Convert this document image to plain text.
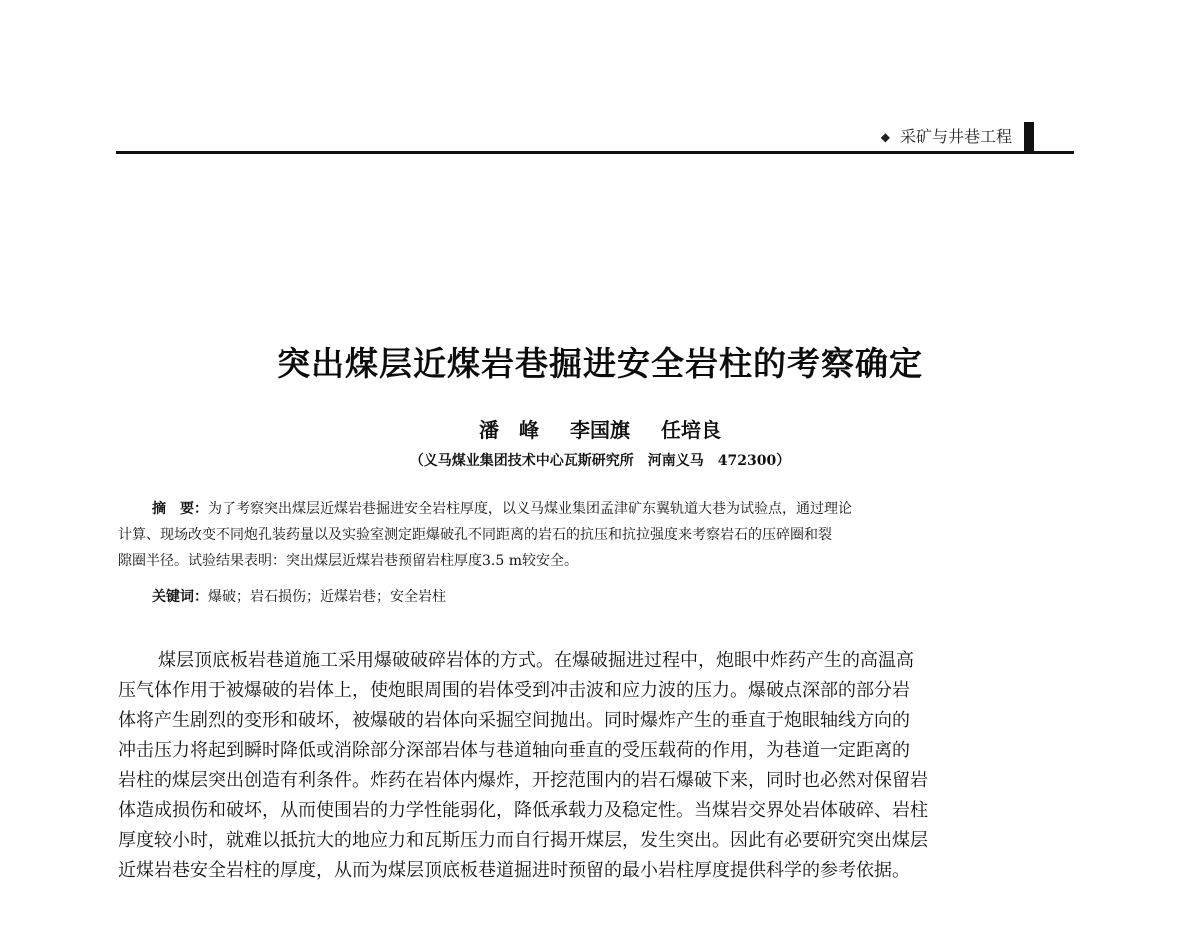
◆ 采矿与井巷工程
突出煤层近煤岩巷掘进安全岩柱的考察确定
潘　峰 李国旗 任培良
（义马煤业集团技术中心瓦斯研究所　河南义马　472300）
摘　要：为了考察突出煤层近煤岩巷掘进安全岩柱厚度，以义马煤业集团孟津矿东翼轨道大巷为试验点，通过理论
计算、现场改变不同炮孔装药量以及实验室测定距爆破孔不同距离的岩石的抗压和抗拉强度来考察岩石的压碎圈和裂
隙圈半径。试验结果表明：突出煤层近煤岩巷预留岩柱厚度3.5 m较安全。
关键词：爆破；岩石损伤；近煤岩巷；安全岩柱
煤层顶底板岩巷道施工采用爆破破碎岩体的方式。在爆破掘进过程中，炮眼中炸药产生的高温高
压气体作用于被爆破的岩体上，使炮眼周围的岩体受到冲击波和应力波的压力。爆破点深部的部分岩
体将产生剧烈的变形和破坏，被爆破的岩体向采掘空间抛出。同时爆炸产生的垂直于炮眼轴线方向的
冲击压力将起到瞬时降低或消除部分深部岩体与巷道轴向垂直的受压载荷的作用，为巷道一定距离的
岩柱的煤层突出创造有利条件。炸药在岩体内爆炸，开挖范围内的岩石爆破下来，同时也必然对保留岩
体造成损伤和破坏，从而使围岩的力学性能弱化，降低承载力及稳定性。当煤岩交界处岩体破碎、岩柱
厚度较小时，就难以抵抗大的地应力和瓦斯压力而自行揭开煤层，发生突出。因此有必要研究突出煤层
近煤岩巷安全岩柱的厚度，从而为煤层顶底板巷道掘进时预留的最小岩柱厚度提供科学的参考依据。
